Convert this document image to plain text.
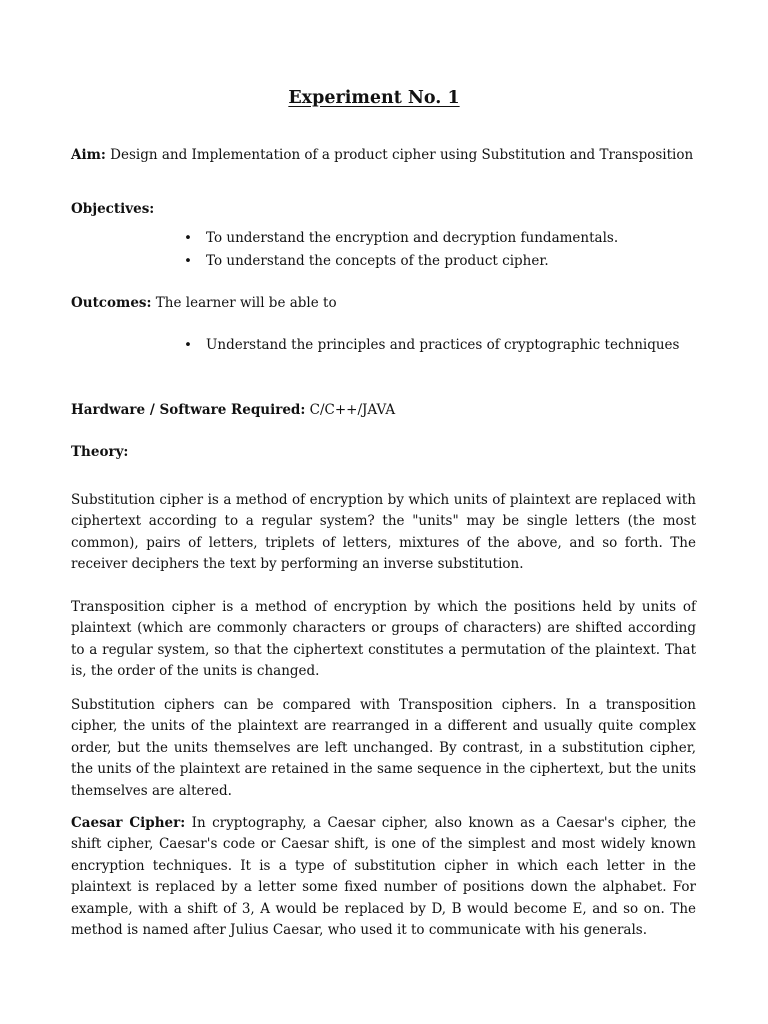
Experiment No. 1

Aim: Design and Implementation of a product cipher using Substitution and Transposition

Objectives:

• To understand the encryption and decryption fundamentals.
• To understand the concepts of the product cipher.

Outcomes: The learner will be able to

• Understand the principles and practices of cryptographic techniques

Hardware / Software Required: C/C++/JAVA

Theory:

Substitution cipher is a method of encryption by which units of plaintext are replaced with ciphertext according to a regular system? the "units" may be single letters (the most common), pairs of letters, triplets of letters, mixtures of the above, and so forth. The receiver deciphers the text by performing an inverse substitution.

Transposition cipher is a method of encryption by which the positions held by units of plaintext (which are commonly characters or groups of characters) are shifted according to a regular system, so that the ciphertext constitutes a permutation of the plaintext. That is, the order of the units is changed.

Substitution ciphers can be compared with Transposition ciphers. In a transposition cipher, the units of the plaintext are rearranged in a different and usually quite complex order, but the units themselves are left unchanged. By contrast, in a substitution cipher, the units of the plaintext are retained in the same sequence in the ciphertext, but the units themselves are altered.

Caesar Cipher: In cryptography, a Caesar cipher, also known as a Caesar's cipher, the shift cipher, Caesar's code or Caesar shift, is one of the simplest and most widely known encryption techniques. It is a type of substitution cipher in which each letter in the plaintext is replaced by a letter some fixed number of positions down the alphabet. For example, with a shift of 3, A would be replaced by D, B would become E, and so on. The method is named after Julius Caesar, who used it to communicate with his generals.
